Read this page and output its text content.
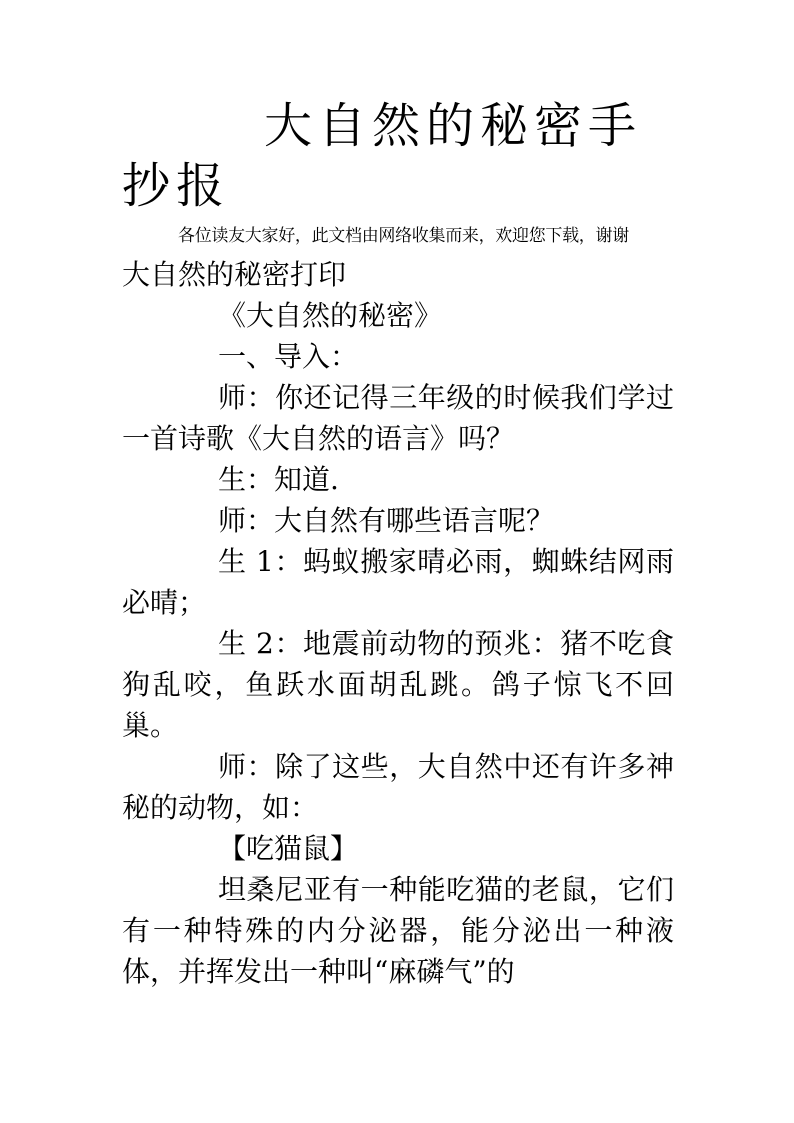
大自然的秘密手抄报
各位读友大家好，此文档由网络收集而来，欢迎您下载，谢谢

大自然的秘密打印

《大自然的秘密》

一、导入：

师：你还记得三年级的时候我们学过一首诗歌《大自然的语言》吗？

生：知道.

师：大自然有哪些语言呢？

生 1：蚂蚁搬家晴必雨，蜘蛛结网雨必晴；

生 2：地震前动物的预兆：猪不吃食狗乱咬，鱼跃水面胡乱跳。鸽子惊飞不回巢。

师：除了这些，大自然中还有许多神秘的动物，如：

【吃猫鼠】

坦桑尼亚有一种能吃猫的老鼠，它们有一种特殊的内分泌器，能分泌出一种液体，并挥发出一种叫“麻磷气”的
